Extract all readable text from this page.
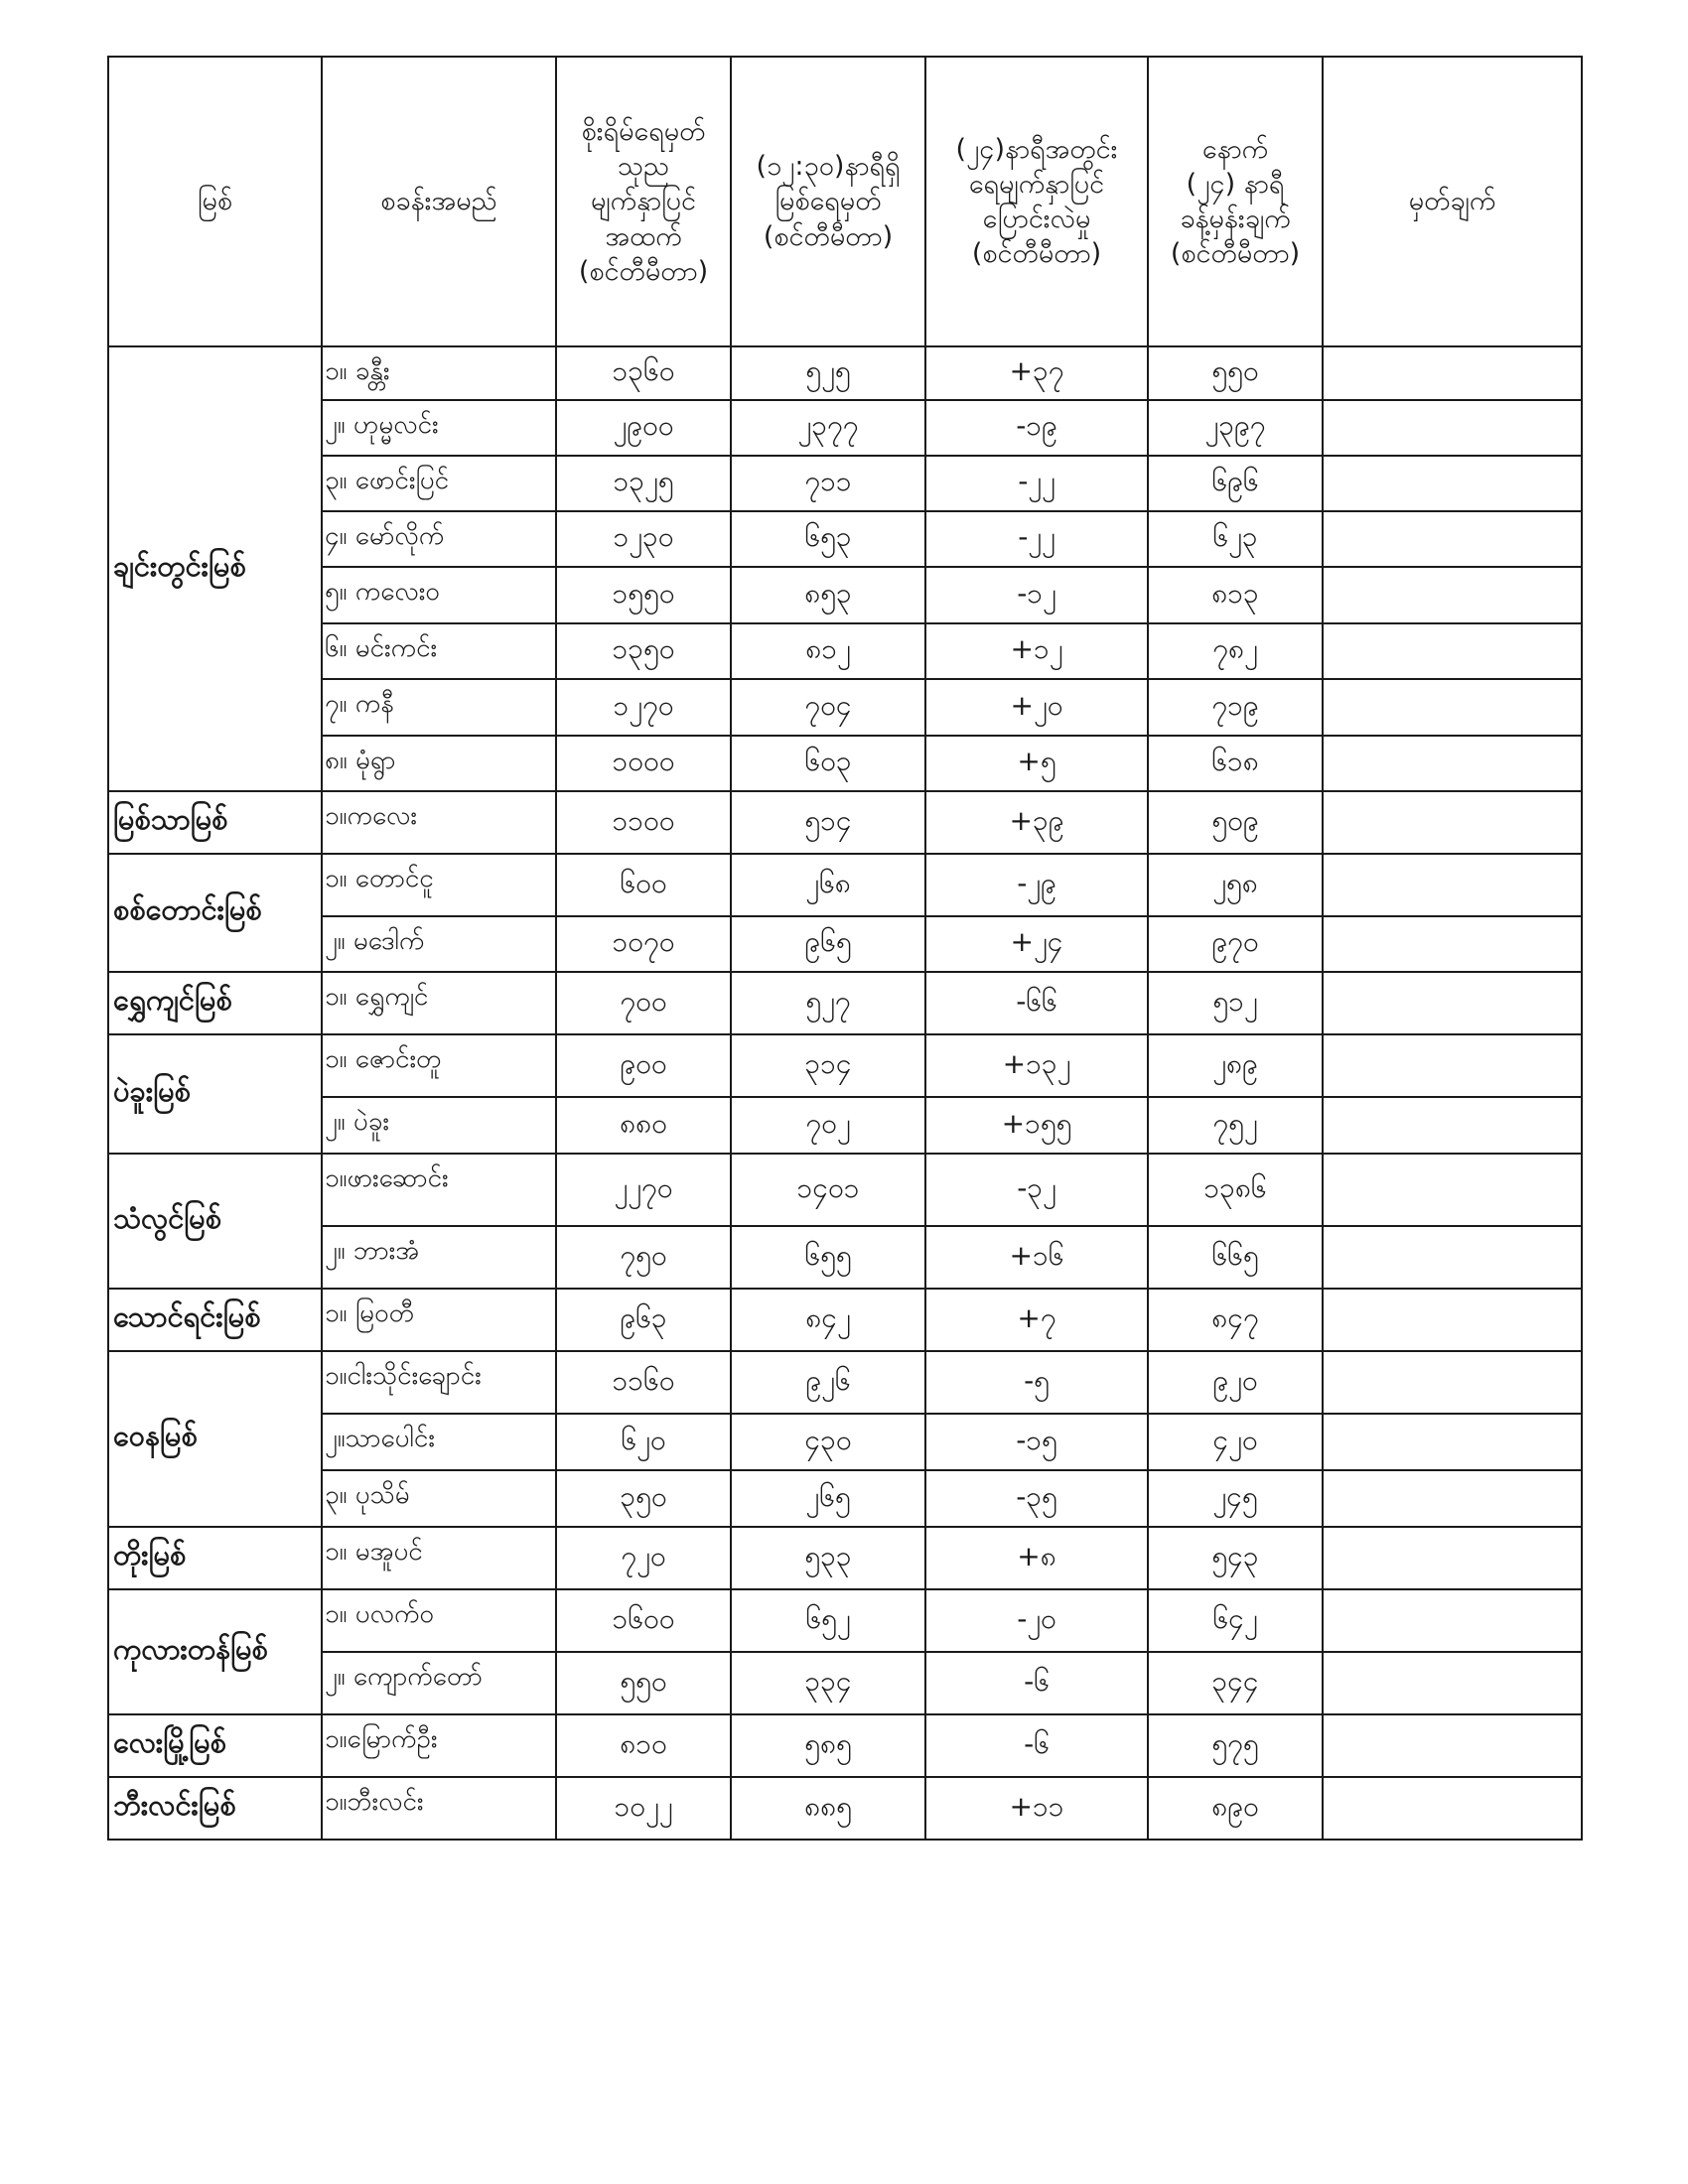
မြစ်	စခန်းအမည်	စိုးရိမ်ရေမှတ်
သုည
မျက်နှာပြင်
အထက်
(စင်တီမီတာ)	(၁၂:၃၀)နာရီရှိ
မြစ်ရေမှတ်
(စင်တီမီတာ)	(၂၄)နာရီအတွင်း
ရေမျက်နှာပြင်
ပြောင်းလဲမှု
(စင်တီမီတာ)	နောက်
(၂၄) နာရီ
ခန့်မှန်းချက်
(စင်တီမီတာ)	မှတ်ချက်

ချင်းတွင်းမြစ်	၁။ ခန္တီး	၁၃၆၀	၅၂၅	+၃၇	၅၅၀	
	၂။ ဟုမ္မလင်း	၂၉၀၀	၂၃၇၇	-၁၉	၂၃၉၇	
	၃။ ဖောင်းပြင်	၁၃၂၅	၇၁၁	-၂၂	၆၉၆	
	၄။ မော်လိုက်	၁၂၃၀	၆၅၃	-၂၂	၆၂၃	
	၅။ ကလေးဝ	၁၅၅၀	၈၅၃	-၁၂	၈၁၃	
	၆။ မင်းကင်း	၁၃၅၀	၈၁၂	+၁၂	၇၈၂	
	၇။ ကနီ	၁၂၇၀	၇၀၄	+၂၀	၇၁၉	
	၈။ မုံရွာ	၁၀၀၀	၆၀၃	+၅	၆၁၈	
မြစ်သာမြစ်	၁။ကလေး	၁၁၀၀	၅၁၄	+၃၉	၅၀၉	
စစ်တောင်းမြစ်	၁။ တောင်ငူ	၆၀၀	၂၆၈	-၂၉	၂၅၈	
	၂။ မဒေါက်	၁၀၇၀	၉၆၅	+၂၄	၉၇၀	
ရွှေကျင်မြစ်	၁။ ရွှေကျင်	၇၀၀	၅၂၇	-၆၆	၅၁၂	
ပဲခူးမြစ်	၁။ ဇောင်းတူ	၉၀၀	၃၁၄	+၁၃၂	၂၈၉	
	၂။ ပဲခူး	၈၈၀	၇၀၂	+၁၅၅	၇၅၂	
သံလွင်မြစ်	၁။ဖားဆောင်း	၂၂၇၀	၁၄၀၁	-၃၂	၁၃၈၆	
	၂။ ဘားအံ	၇၅၀	၆၅၅	+၁၆	၆၆၅	
သောင်ရင်းမြစ်	၁။ မြဝတီ	၉၆၃	၈၄၂	+၇	၈၄၇	
ဝေနမြစ်	၁။ငါးသိုင်းချောင်း	၁၁၆၀	၉၂၆	-၅	၉၂၀	
	၂။သာပေါင်း	၆၂၀	၄၃၀	-၁၅	၄၂၀	
	၃။ ပုသိမ်	၃၅၀	၂၆၅	-၃၅	၂၄၅	
တိုးမြစ်	၁။ မအူပင်	၇၂၀	၅၃၃	+၈	၅၄၃	
ကုလားတန်မြစ်	၁။ ပလက်ဝ	၁၆၀၀	၆၅၂	-၂၀	၆၄၂	
	၂။ ကျောက်တော်	၅၅၀	၃၃၄	-၆	၃၄၄	
လေးမြို့မြစ်	၁။မြောက်ဦး	၈၁၀	၅၈၅	-၆	၅၇၅	
ဘီးလင်းမြစ်	၁။ဘီးလင်း	၁၀၂၂	၈၈၅	+၁၁	၈၉၀	
